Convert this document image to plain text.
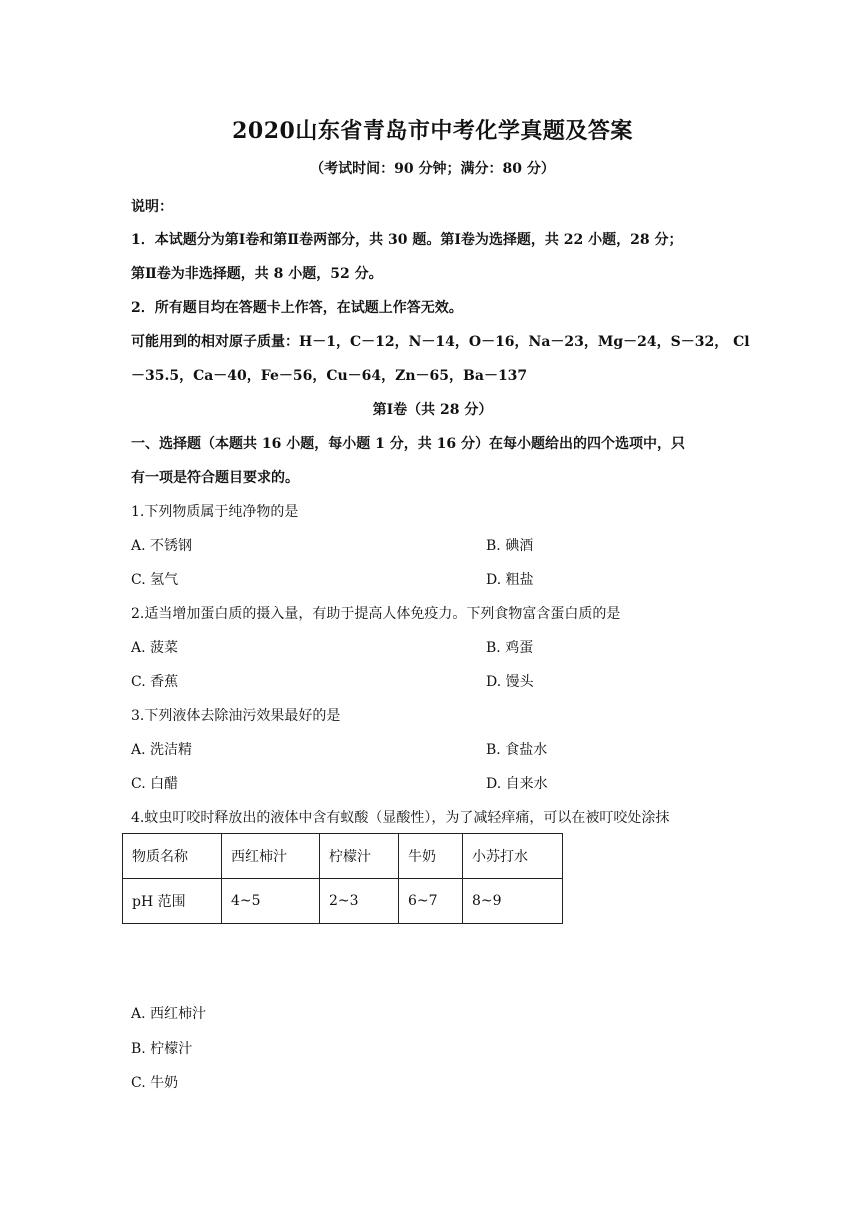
2020山东省青岛市中考化学真题及答案
（考试时间：90 分钟；满分：80 分）
说明：
1．本试题分为第Ⅰ卷和第Ⅱ卷两部分，共 30 题。第Ⅰ卷为选择题，共 22 小题，28 分；
第Ⅱ卷为非选择题，共 8 小题，52 分。
2．所有题目均在答题卡上作答，在试题上作答无效。
可能用到的相对原子质量：H－1，C－12，N－14，O－16，Na－23，Mg－24，S－32， Cl
－35.5，Ca－40，Fe－56，Cu－64，Zn－65，Ba－137
第Ⅰ卷（共 28 分）
一、选择题（本题共 16 小题，每小题 1 分，共 16 分）在每小题给出的四个选项中，只
有一项是符合题目要求的。
1.下列物质属于纯净物的是
A. 不锈钢	B. 碘酒
C. 氢气	D. 粗盐
2.适当增加蛋白质的摄入量，有助于提高人体免疫力。下列食物富含蛋白质的是
A. 菠菜	B. 鸡蛋
C. 香蕉	D. 馒头
3.下列液体去除油污效果最好的是
A. 洗洁精	B. 食盐水
C. 白醋	D. 自来水
4.蚊虫叮咬时释放出的液体中含有蚁酸（显酸性），为了减轻痒痛，可以在被叮咬处涂抹
物质名称	西红柿汁	柠檬汁	牛奶	小苏打水
pH 范围	4~5	2~3	6~7	8~9
A. 西红柿汁
B. 柠檬汁
C. 牛奶
